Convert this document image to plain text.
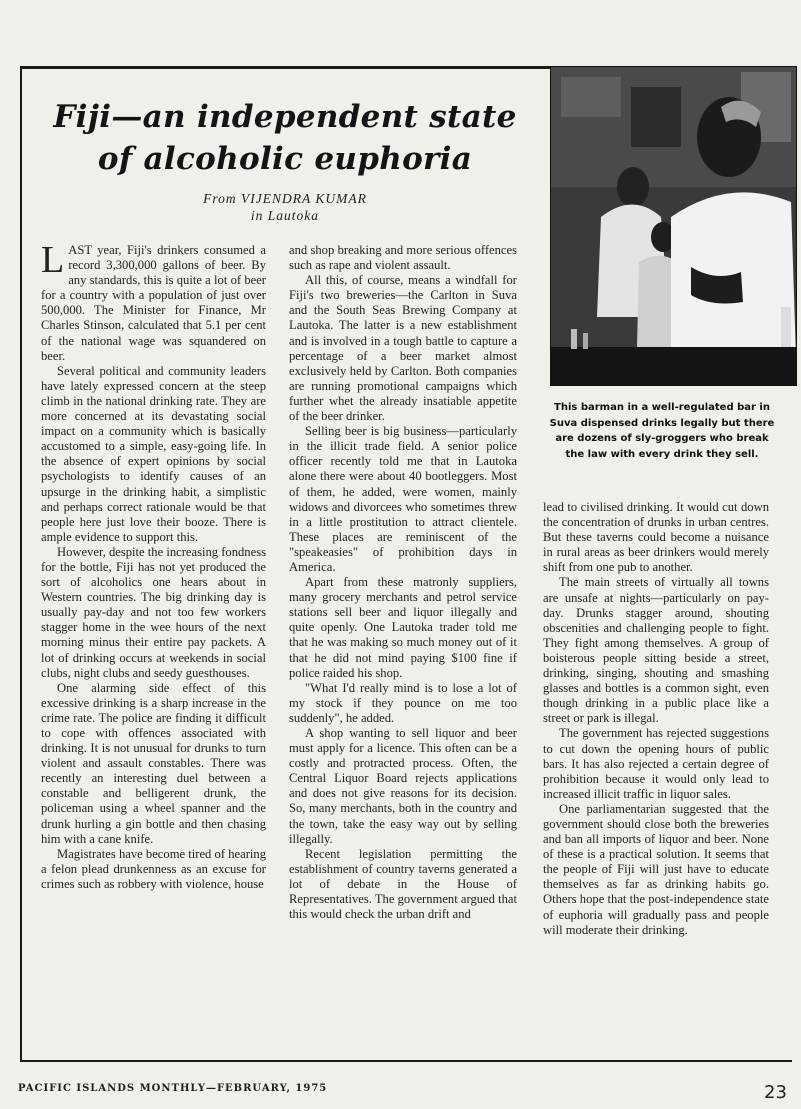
Fiji—an independent state
of alcoholic euphoria
From VIJENDRA KUMAR
in Lautoka
This barman in a well-regulated bar in Suva dispensed drinks legally but there are dozens of sly-groggers who break the law with every drink they sell.

LAST year, Fiji's drinkers consumed a record 3,300,000 gallons of beer. By any standards, this is quite a lot of beer for a country with a population of just over 500,000. The Minister for Finance, Mr Charles Stinson, calculated that 5.1 per cent of the national wage was squandered on beer.

Several political and community leaders have lately expressed concern at the steep climb in the national drinking rate. They are more concerned at its devastating social impact on a community which is basically accustomed to a simple, easy-going life. In the absence of expert opinions by social psychologists to identify causes of an upsurge in the drinking habit, a simplistic and perhaps correct rationale would be that people here just love their booze. There is ample evidence to support this.

However, despite the increasing fondness for the bottle, Fiji has not yet produced the sort of alcoholics one hears about in Western countries. The big drinking day is usually pay-day and not too few workers stagger home in the wee hours of the next morning minus their entire pay packets. A lot of drinking occurs at weekends in social clubs, night clubs and seedy guesthouses.

One alarming side effect of this excessive drinking is a sharp increase in the crime rate. The police are finding it difficult to cope with offences associated with drinking. It is not unusual for drunks to turn violent and assault constables. There was recently an interesting duel between a constable and belligerent drunk, the policeman using a wheel spanner and the drunk hurling a gin bottle and then chasing him with a cane knife.

Magistrates have become tired of hearing a felon plead drunkenness as an excuse for crimes such as robbery with violence, house

and shop breaking and more serious offences such as rape and violent assault.

All this, of course, means a windfall for Fiji's two breweries—the Carlton in Suva and the South Seas Brewing Company at Lautoka. The latter is a new establishment and is involved in a tough battle to capture a percentage of a beer market almost exclusively held by Carlton. Both companies are running promotional campaigns which further whet the already insatiable appetite of the beer drinker.

Selling beer is big business—particularly in the illicit trade field. A senior police officer recently told me that in Lautoka alone there were about 40 bootleggers. Most of them, he added, were women, mainly widows and divorcees who sometimes threw in a little prostitution to attract clientele. These places are reminiscent of the "speakeasies" of prohibition days in America.

Apart from these matronly suppliers, many grocery merchants and petrol service stations sell beer and liquor illegally and quite openly. One Lautoka trader told me that he was making so much money out of it that he did not mind paying $100 fine if police raided his shop.

"What I'd really mind is to lose a lot of my stock if they pounce on me too suddenly", he added.

A shop wanting to sell liquor and beer must apply for a licence. This often can be a costly and protracted process. Often, the Central Liquor Board rejects applications and does not give reasons for its decision. So, many merchants, both in the country and the town, take the easy way out by selling illegally.

Recent legislation permitting the establishment of country taverns generated a lot of debate in the House of Representatives. The government argued that this would check the urban drift and

lead to civilised drinking. It would cut down the concentration of drunks in urban centres. But these taverns could become a nuisance in rural areas as beer drinkers would merely shift from one pub to another.

The main streets of virtually all towns are unsafe at nights—particularly on pay-day. Drunks stagger around, shouting obscenities and challenging people to fight. They fight among themselves. A group of boisterous people sitting beside a street, drinking, singing, shouting and smashing glasses and bottles is a common sight, even though drinking in a public place like a street or park is illegal.

The government has rejected suggestions to cut down the opening hours of public bars. It has also rejected a certain degree of prohibition because it would only lead to increased illicit traffic in liquor sales.

One parliamentarian suggested that the government should close both the breweries and ban all imports of liquor and beer. None of these is a practical solution. It seems that the people of Fiji will just have to educate themselves as far as drinking habits go. Others hope that the post-independence state of euphoria will gradually pass and people will moderate their drinking.

PACIFIC ISLANDS MONTHLY—FEBRUARY, 1975	23
